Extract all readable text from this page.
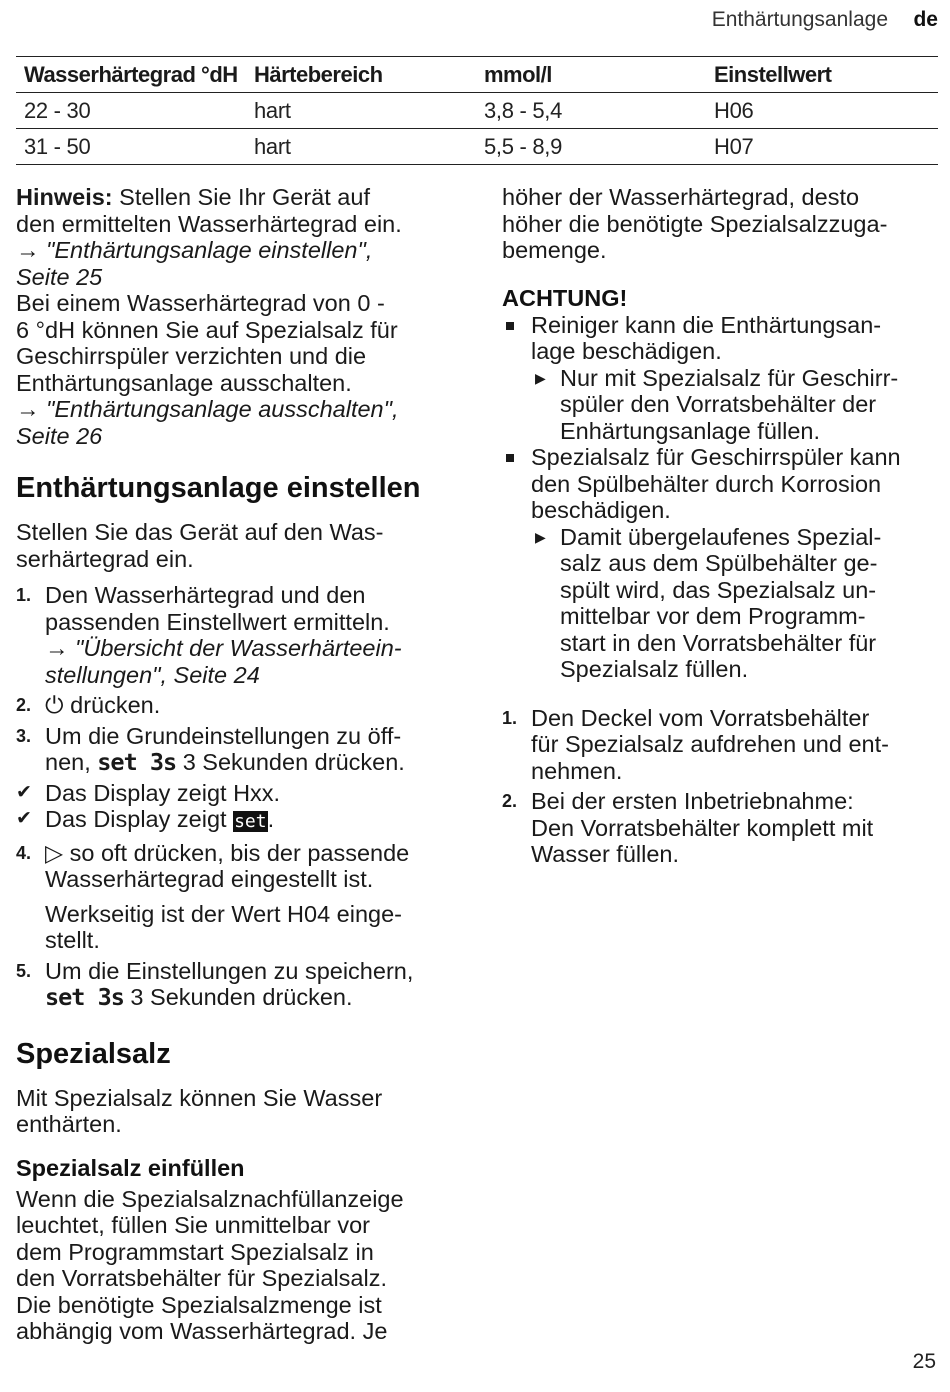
Enthärtungsanlage de
Wasserhärtegrad °dH	Härtebereich	mmol/l	Einstellwert
22 - 30	hart	3,8 - 5,4	H06
31 - 50	hart	5,5 - 8,9	H07

Hinweis: Stellen Sie Ihr Gerät auf
den ermittelten Wasserhärtegrad ein.
→ "Enthärtungsanlage einstellen",
Seite 25
Bei einem Wasserhärtegrad von 0 -
6 °dH können Sie auf Spezialsalz für
Geschirrspüler verzichten und die
Enthärtungsanlage ausschalten.
→ "Enthärtungsanlage ausschalten",
Seite 26

Enthärtungsanlage einstellen

Stellen Sie das Gerät auf den Was-
serhärtegrad ein.

1. Den Wasserhärtegrad und den
passenden Einstellwert ermitteln.
→ "Übersicht der Wasserhärteein-
stellungen", Seite 24
2. ⏻ drücken.
3. Um die Grundeinstellungen zu öff-
nen, set 3s 3 Sekunden drücken.
✔ Das Display zeigt Hxx.
✔ Das Display zeigt set.
4. ▷ so oft drücken, bis der passende
Wasserhärtegrad eingestellt ist.

Werkseitig ist der Wert H04 einge-
stellt.

5. Um die Einstellungen zu speichern,
set 3s 3 Sekunden drücken.
Spezialsalz

Mit Spezialsalz können Sie Wasser
enthärten.

Spezialsalz einfüllen

Wenn die Spezialsalznachfüllanzeige
leuchtet, füllen Sie unmittelbar vor
dem Programmstart Spezialsalz in
den Vorratsbehälter für Spezialsalz.
Die benötigte Spezialsalzmenge ist
abhängig vom Wasserhärtegrad. Je

höher der Wasserhärtegrad, desto
höher die benötigte Spezialsalzzuga-
bemenge.

ACHTUNG!
Reiniger kann die Enthärtungsan-
lage beschädigen.
▶ Nur mit Spezialsalz für Geschirr-
spüler den Vorratsbehälter der
Enhärtungsanlage füllen.
Spezialsalz für Geschirrspüler kann
den Spülbehälter durch Korrosion
beschädigen.
▶ Damit übergelaufenes Spezial-
salz aus dem Spülbehälter ge-
spült wird, das Spezialsalz un-
mittelbar vor dem Programm-
start in den Vorratsbehälter für
Spezialsalz füllen.
1. Den Deckel vom Vorratsbehälter
für Spezialsalz aufdrehen und ent-
nehmen.
2. Bei der ersten Inbetriebnahme:
Den Vorratsbehälter komplett mit
Wasser füllen.
25
